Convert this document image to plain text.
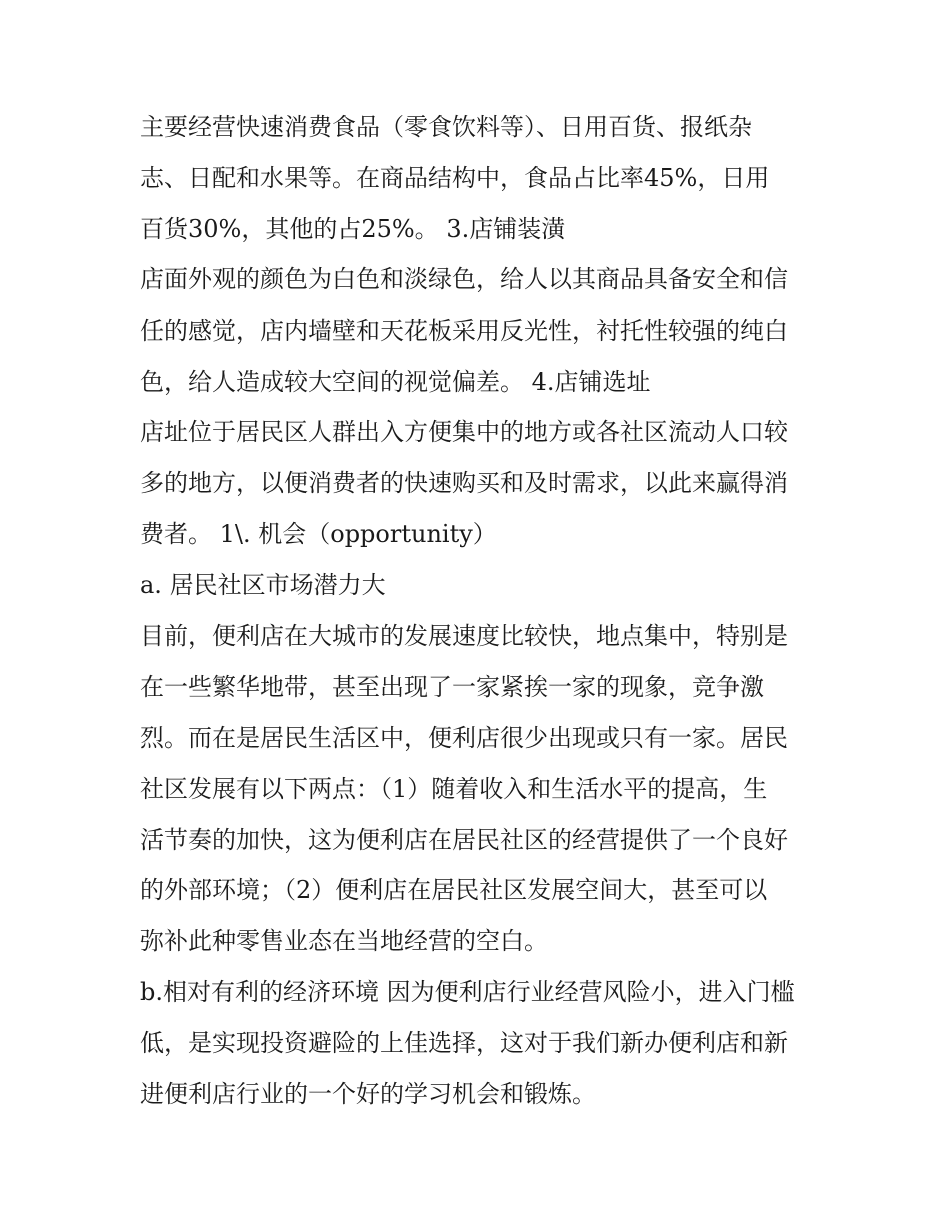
主要经营快速消费食品（零食饮料等）、日用百货、报纸杂
志、日配和水果等。在商品结构中，食品占比率45%，日用
百货30%，其他的占25%。 3.店铺装潢
店面外观的颜色为白色和淡绿色，给人以其商品具备安全和信
任的感觉，店内墙壁和天花板采用反光性，衬托性较强的纯白
色，给人造成较大空间的视觉偏差。 4.店铺选址
店址位于居民区人群出入方便集中的地方或各社区流动人口较
多的地方，以便消费者的快速购买和及时需求，以此来赢得消
费者。 1\. 机会（opportunity）
a. 居民社区市场潜力大
目前，便利店在大城市的发展速度比较快，地点集中，特别是
在一些繁华地带，甚至出现了一家紧挨一家的现象，竞争激
烈。而在是居民生活区中，便利店很少出现或只有一家。居民
社区发展有以下两点：（1）随着收入和生活水平的提高，生
活节奏的加快，这为便利店在居民社区的经营提供了一个良好
的外部环境；（2）便利店在居民社区发展空间大，甚至可以
弥补此种零售业态在当地经营的空白。
b.相对有利的经济环境 因为便利店行业经营风险小，进入门槛
低，是实现投资避险的上佳选择，这对于我们新办便利店和新
进便利店行业的一个好的学习机会和锻炼。
